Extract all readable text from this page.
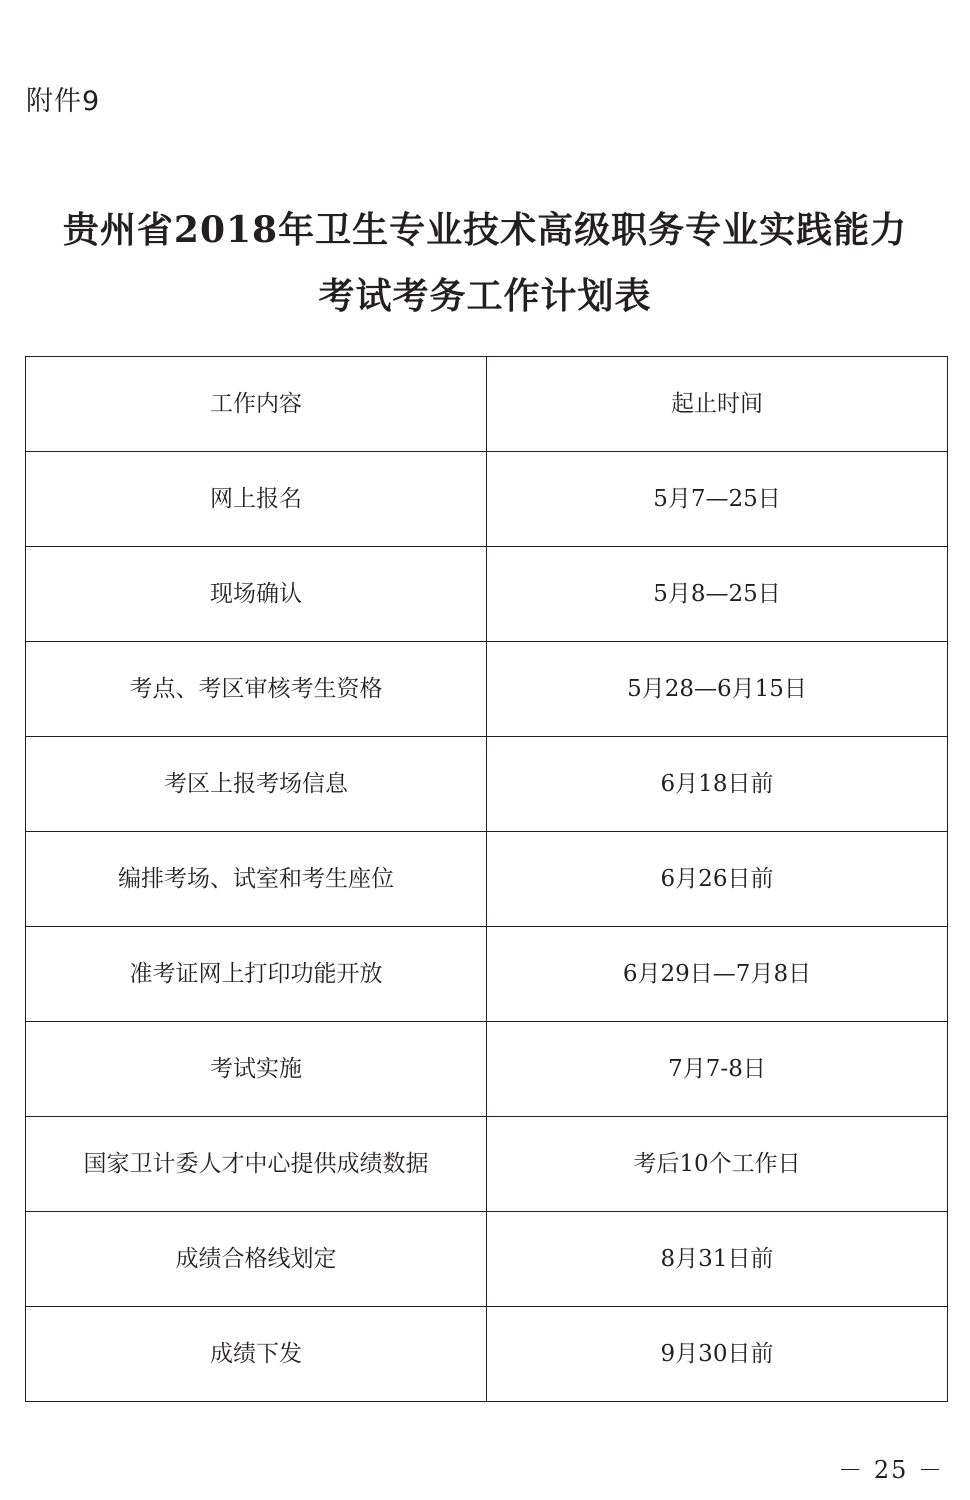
附件9
贵州省2018年卫生专业技术高级职务专业实践能力
考试考务工作计划表
工作内容	起止时间
网上报名	5月7—25日
现场确认	5月8—25日
考点、考区审核考生资格	5月28—6月15日
考区上报考场信息	6月18日前
编排考场、试室和考生座位	6月26日前
准考证网上打印功能开放	6月29日—7月8日
考试实施	7月7-8日
国家卫计委人才中心提供成绩数据	考后10个工作日
成绩合格线划定	8月31日前
成绩下发	9月30日前
－ 25 －
